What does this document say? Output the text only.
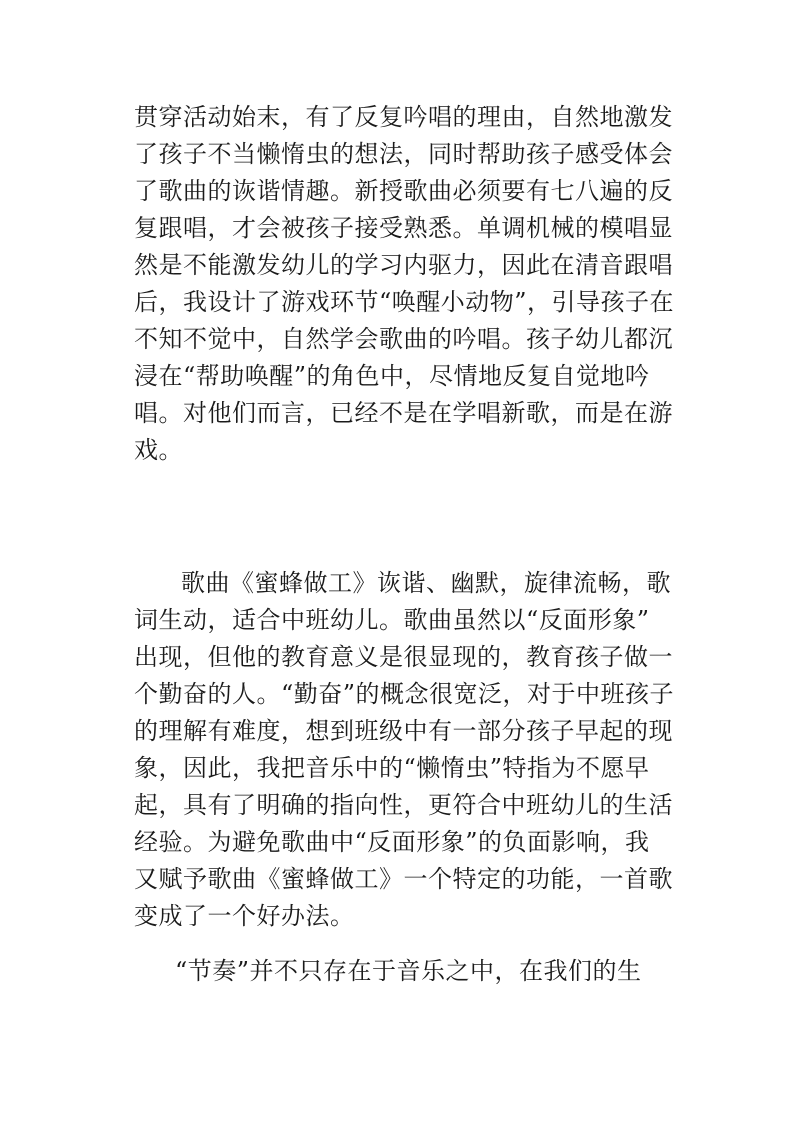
贯穿活动始末，有了反复吟唱的理由，自然地激发
了孩子不当懒惰虫的想法，同时帮助孩子感受体会
了歌曲的诙谐情趣。新授歌曲必须要有七八遍的反
复跟唱，才会被孩子接受熟悉。单调机械的模唱显
然是不能激发幼儿的学习内驱力，因此在清音跟唱
后，我设计了游戏环节“唤醒小动物”，引导孩子在
不知不觉中，自然学会歌曲的吟唱。孩子幼儿都沉
浸在“帮助唤醒”的角色中，尽情地反复自觉地吟
唱。对他们而言，已经不是在学唱新歌，而是在游
戏。
歌曲《蜜蜂做工》诙谐、幽默，旋律流畅，歌
词生动，适合中班幼儿。歌曲虽然以“反面形象”
出现，但他的教育意义是很显现的，教育孩子做一
个勤奋的人。“勤奋”的概念很宽泛，对于中班孩子
的理解有难度，想到班级中有一部分孩子早起的现
象，因此，我把音乐中的“懒惰虫”特指为不愿早
起，具有了明确的指向性，更符合中班幼儿的生活
经验。为避免歌曲中“反面形象”的负面影响，我
又赋予歌曲《蜜蜂做工》一个特定的功能，一首歌
变成了一个好办法。
“节奏”并不只存在于音乐之中，在我们的生
